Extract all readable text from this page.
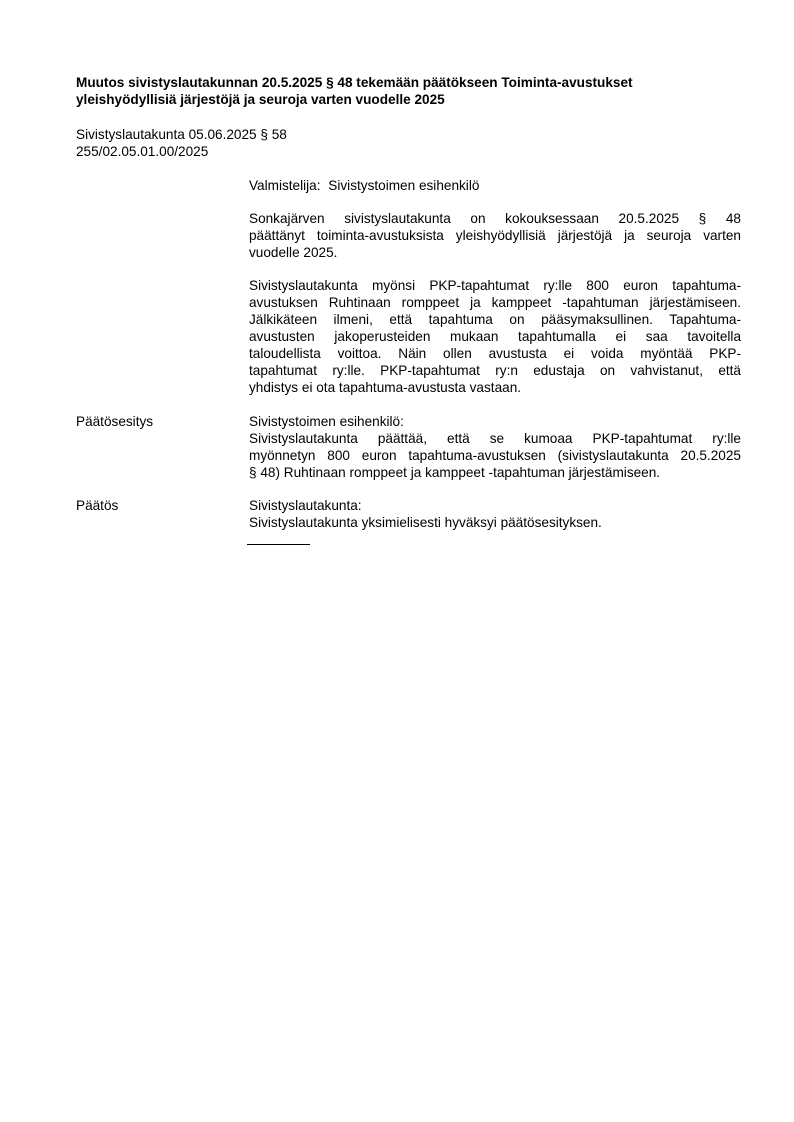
Muutos sivistyslautakunnan 20.5.2025 § 48 tekemään päätökseen Toiminta-avustukset
yleishyödyllisiä järjestöjä ja seuroja varten vuodelle 2025
Sivistyslautakunta 05.06.2025 § 58
255/02.05.01.00/2025
Valmistelija: Sivistystoimen esihenkilö
Sonkajärven sivistyslautakunta on kokouksessaan 20.5.2025 § 48
päättänyt toiminta-avustuksista yleishyödyllisiä järjestöjä ja seuroja varten
vuodelle 2025.
Sivistyslautakunta myönsi PKP-tapahtumat ry:lle 800 euron tapahtuma-
avustuksen Ruhtinaan romppeet ja kamppeet -tapahtuman järjestämiseen.
Jälkikäteen ilmeni, että tapahtuma on pääsymaksullinen. Tapahtuma-
avustusten jakoperusteiden mukaan tapahtumalla ei saa tavoitella
taloudellista voittoa. Näin ollen avustusta ei voida myöntää PKP-
tapahtumat ry:lle. PKP-tapahtumat ry:n edustaja on vahvistanut, että
yhdistys ei ota tapahtuma-avustusta vastaan.
Päätösesitys	Sivistystoimen esihenkilö:
Sivistyslautakunta päättää, että se kumoaa PKP-tapahtumat ry:lle
myönnetyn 800 euron tapahtuma-avustuksen (sivistyslautakunta 20.5.2025
§ 48) Ruhtinaan romppeet ja kamppeet -tapahtuman järjestämiseen.
Päätös	Sivistyslautakunta:
Sivistyslautakunta yksimielisesti hyväksyi päätösesityksen.
